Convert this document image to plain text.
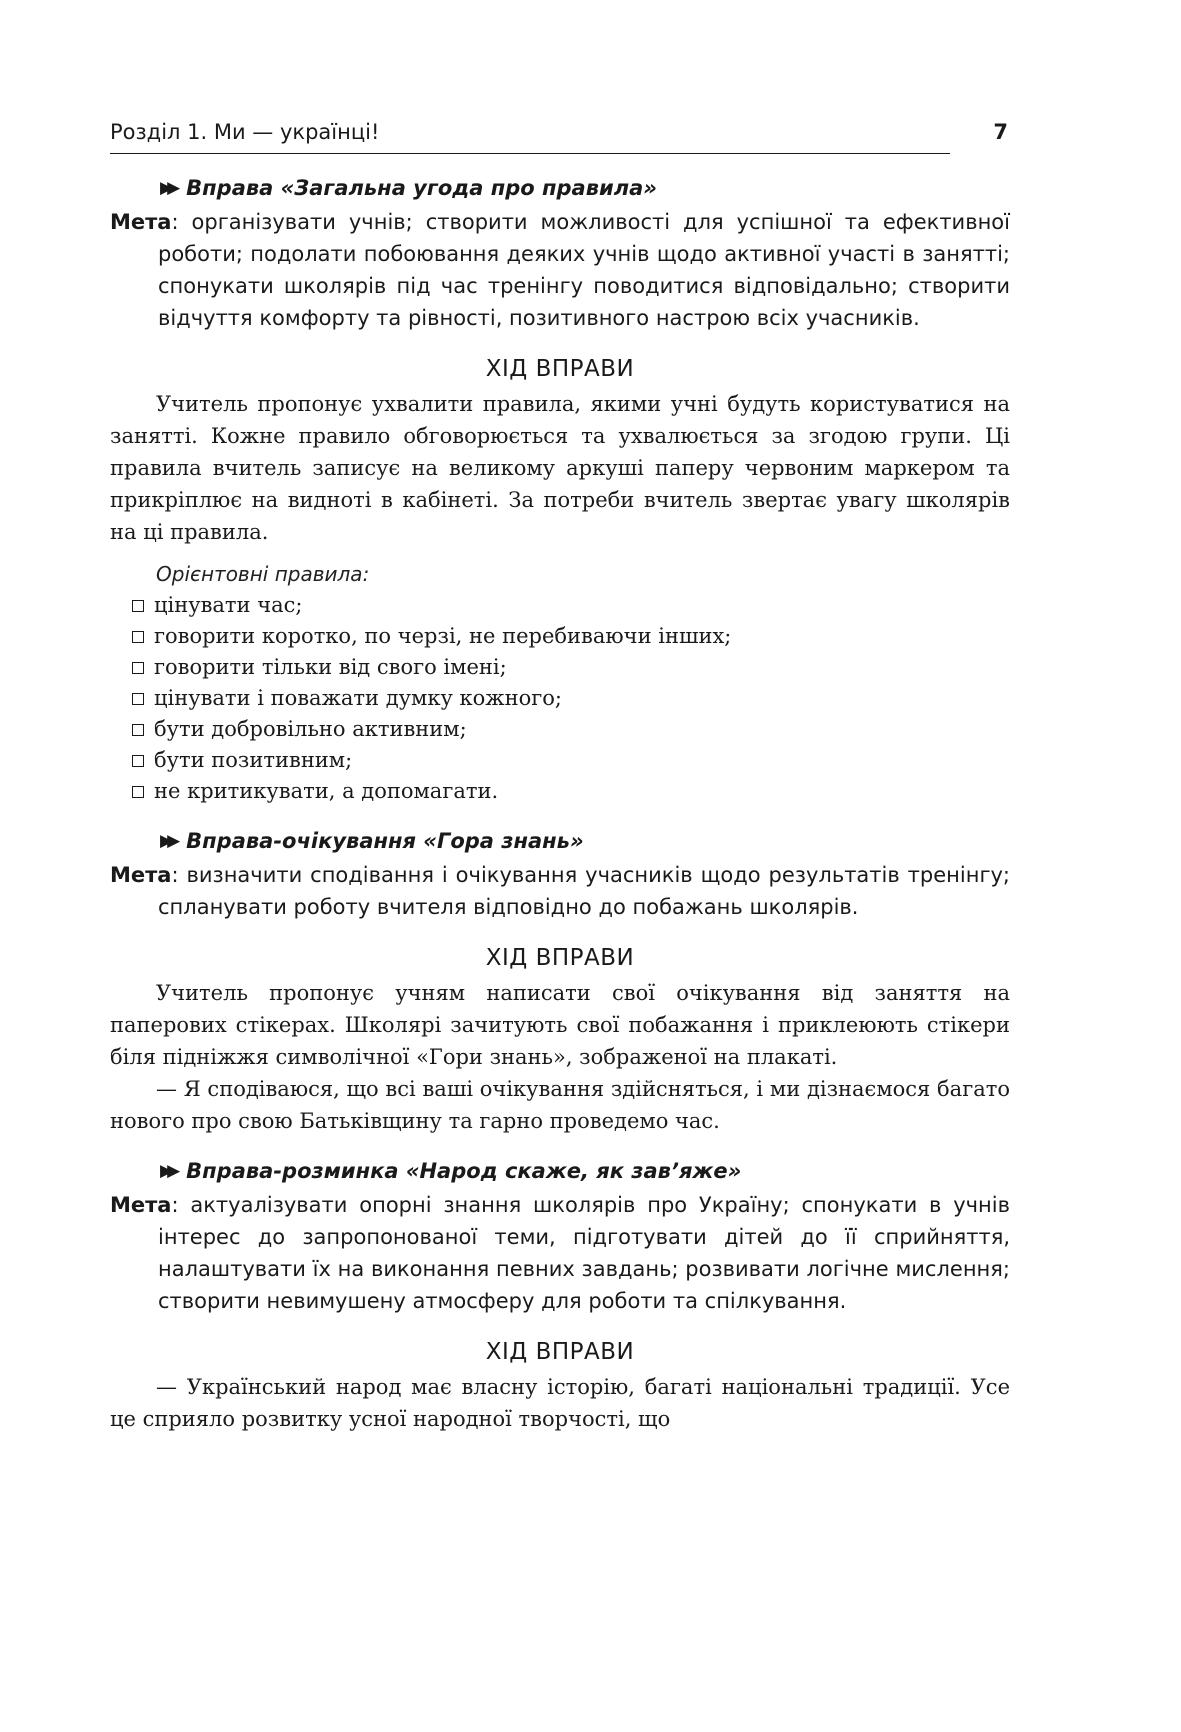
Розділ 1. Ми — українці!	7
▶▶ Вправа «Загальна угода про правила»

Мета: організувати учнів; створити можливості для успішної та ефективної роботи; подолати побоювання деяких учнів щодо активної участі в занятті; спонукати школярів під час тренінгу поводитися відповідально; створити відчуття комфорту та рівності, позитивного настрою всіх учасників.

ХІД ВПРАВИ

Учитель пропонує ухвалити правила, якими учні будуть користуватися на занятті. Кожне правило обговорюється та ухвалюється за згодою групи. Ці правила вчитель записує на великому аркуші паперу червоним маркером та прикріплює на видноті в кабінеті. За потреби вчитель звертає увагу школярів на ці правила.

Орієнтовні правила:
цінувати час;
говорити коротко, по черзі, не перебиваючи інших;
говорити тільки від свого імені;
цінувати і поважати думку кожного;
бути добровільно активним;
бути позитивним;
не критикувати, а допомагати.
▶▶ Вправа-очікування «Гора знань»

Мета: визначити сподівання і очікування учасників щодо результатів тренінгу; спланувати роботу вчителя відповідно до побажань школярів.

ХІД ВПРАВИ

Учитель пропонує учням написати свої очікування від заняття на паперових стікерах. Школярі зачитують свої побажання і приклеюють стікери біля підніжжя символічної «Гори знань», зображеної на плакаті.

— Я сподіваюся, що всі ваші очікування здійсняться, і ми дізнаємося багато нового про свою Батьківщину та гарно проведемо час.

▶▶ Вправа-розминка «Народ скаже, як зав’яже»

Мета: актуалізувати опорні знання школярів про Україну; спонукати в учнів інтерес до запропонованої теми, підготувати дітей до її сприйняття, налаштувати їх на виконання певних завдань; розвивати логічне мислення; створити невимушену атмосферу для роботи та спілкування.

ХІД ВПРАВИ

— Український народ має власну історію, багаті національні традиції. Усе це сприяло розвитку усної народної творчості, що
